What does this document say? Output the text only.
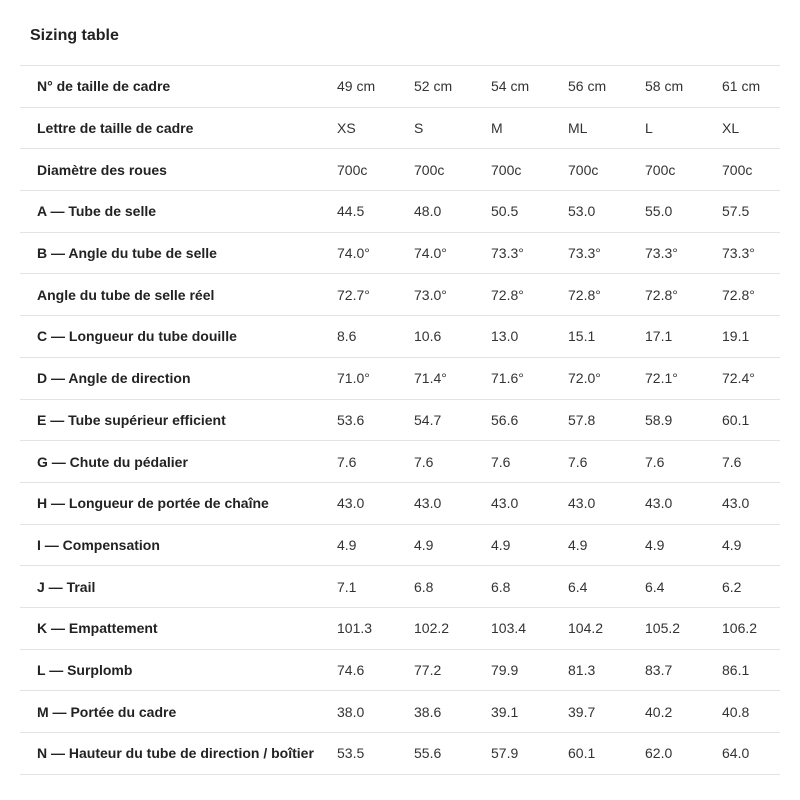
Sizing table
N° de taille de cadre	49 cm	52 cm	54 cm	56 cm	58 cm	61 cm
Lettre de taille de cadre	XS	S	M	ML	L	XL
Diamètre des roues	700c	700c	700c	700c	700c	700c
A — Tube de selle	44.5	48.0	50.5	53.0	55.0	57.5
B — Angle du tube de selle	74.0°	74.0°	73.3°	73.3°	73.3°	73.3°
Angle du tube de selle réel	72.7°	73.0°	72.8°	72.8°	72.8°	72.8°
C — Longueur du tube douille	8.6	10.6	13.0	15.1	17.1	19.1
D — Angle de direction	71.0°	71.4°	71.6°	72.0°	72.1°	72.4°
E — Tube supérieur efficient	53.6	54.7	56.6	57.8	58.9	60.1
G — Chute du pédalier	7.6	7.6	7.6	7.6	7.6	7.6
H — Longueur de portée de chaîne	43.0	43.0	43.0	43.0	43.0	43.0
I — Compensation	4.9	4.9	4.9	4.9	4.9	4.9
J — Trail	7.1	6.8	6.8	6.4	6.4	6.2
K — Empattement	101.3	102.2	103.4	104.2	105.2	106.2
L — Surplomb	74.6	77.2	79.9	81.3	83.7	86.1
M — Portée du cadre	38.0	38.6	39.1	39.7	40.2	40.8
N — Hauteur du tube de direction / boîtier	53.5	55.6	57.9	60.1	62.0	64.0
